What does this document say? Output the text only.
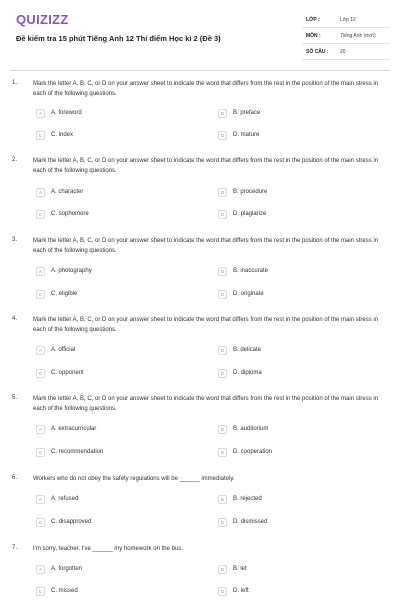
QUIZIZZ
Đề kiểm tra 15 phút Tiếng Anh 12 Thí điểm Học kì 2 (Đề 3)
LỚP :	Lớp 12
MÔN :	Tiếng Anh (mới)
SỐ CÂU : 20
1.	Mark the letter A, B, C, or D on your answer sheet to indicate the word that differs from the rest in the position of the main stress in each of the following questions.
A	A. foreword	B	B. preface
C	C. index	D	D. mature
2.	Mark the letter A, B, C, or D on your answer sheet to indicate the word that differs from the rest in the position of the main stress in each of the following questions.
A	A. character	B	B. procedure
C	C. sophomore	D	D. plagiarize
3.	Mark the letter A, B, C, or D on your answer sheet to indicate the word that differs from the rest in the position of the main stress in each of the following questions.
A	A. photography	B	B. inaccurate
C	C. eligible	D	D. originate
4.	Mark the letter A, B, C, or D on your answer sheet to indicate the word that differs from the rest in the position of the main stress in each of the following questions.
A	A. official	B	B. delicate
C	C. opponent	D	D. diploma
5.	Mark the letter A, B, C, or D on your answer sheet to indicate the word that differs from the rest in the position of the main stress in each of the following questions.
A	A. extracurricular	B	B. auditorium
C	C. recommendation	D	D. cooperation
6.	Workers who do not obey the safety regulations will be ______ immediately.
A	A. refused	B	B. rejected
C	C. disapproved	D	D. dismissed
7.	I'm sorry, teacher. I've ______ my homework on the bus.
A	A. forgotten	B	B. let
C	C. missed	D	D. left
